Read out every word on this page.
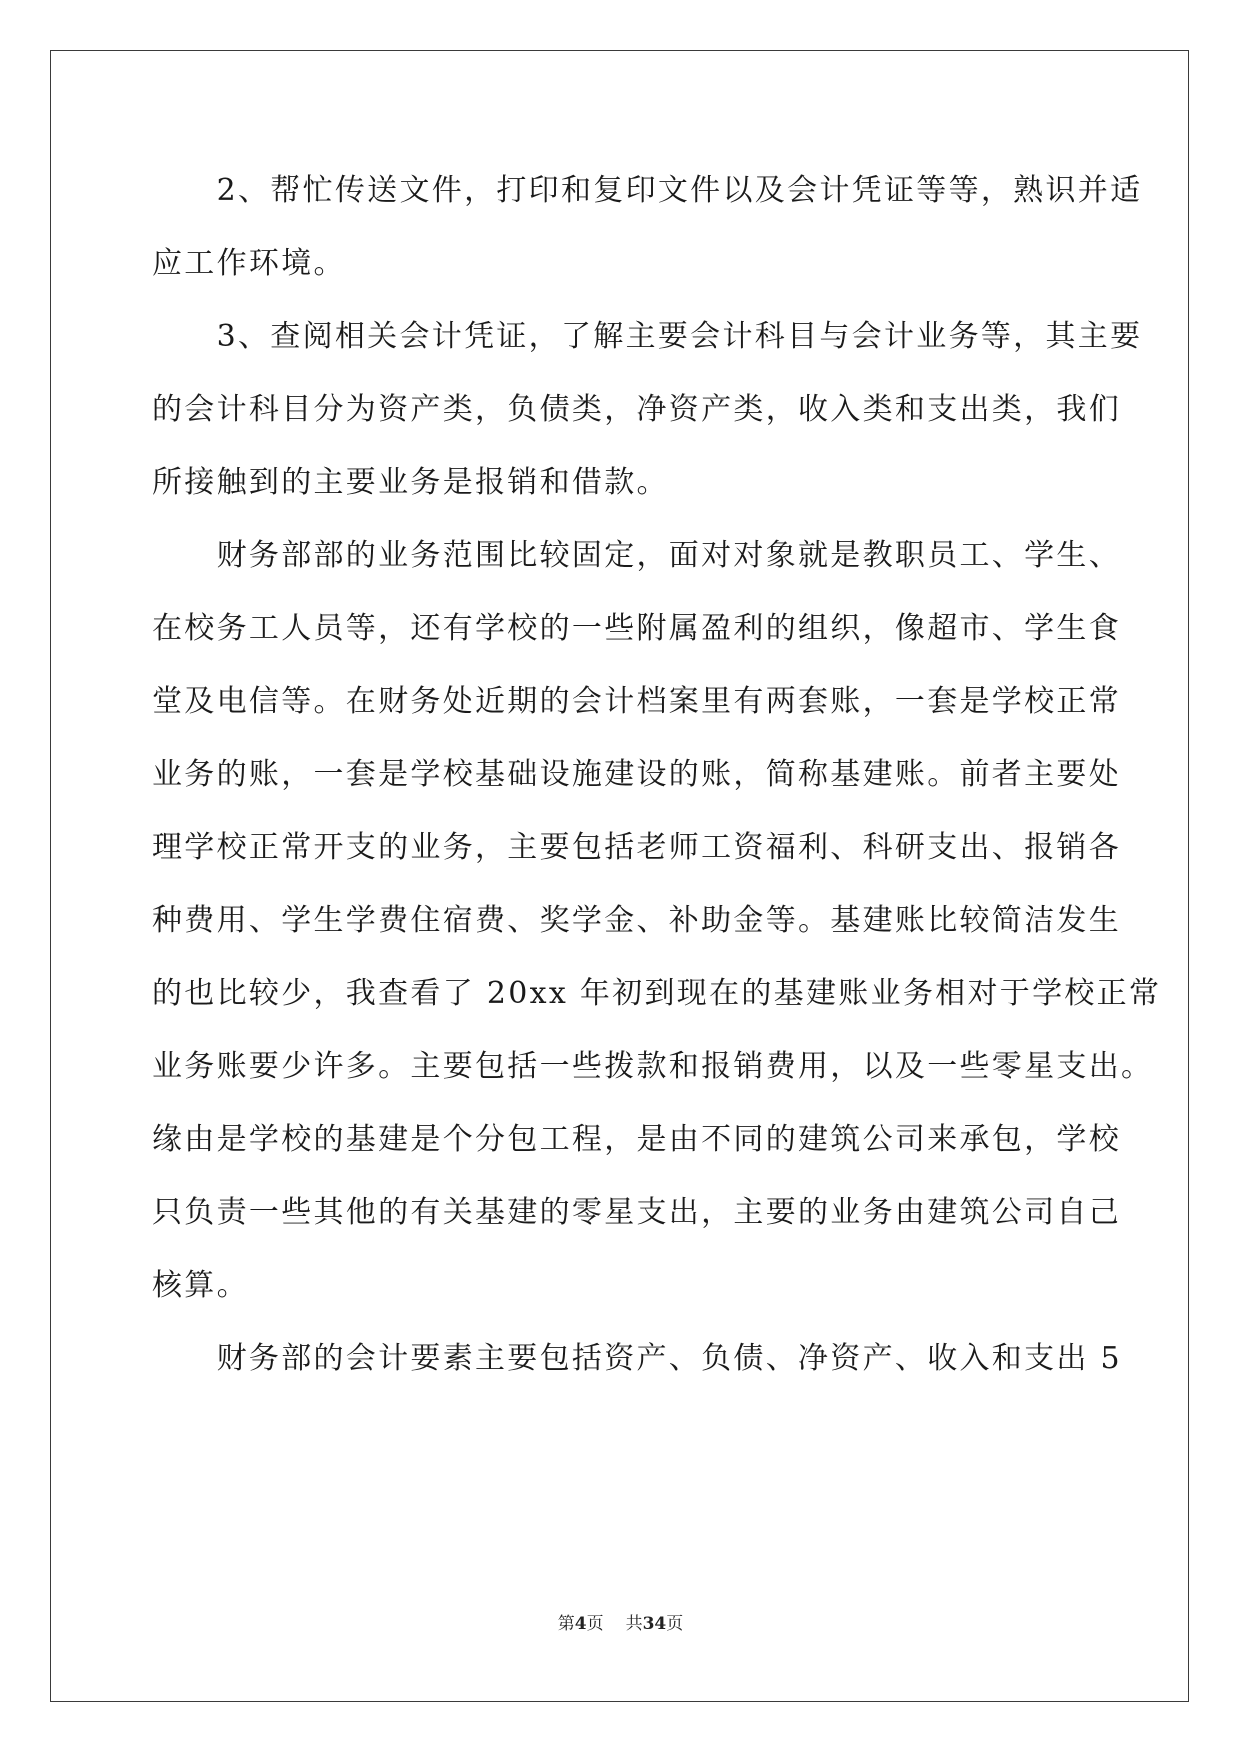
　　2、帮忙传送文件，打印和复印文件以及会计凭证等等，熟识并适
应工作环境。
　　3、查阅相关会计凭证，了解主要会计科目与会计业务等，其主要
的会计科目分为资产类，负债类，净资产类，收入类和支出类，我们
所接触到的主要业务是报销和借款。
　　财务部部的业务范围比较固定，面对对象就是教职员工、学生、
在校务工人员等，还有学校的一些附属盈利的组织，像超市、学生食
堂及电信等。在财务处近期的会计档案里有两套账，一套是学校正常
业务的账，一套是学校基础设施建设的账，简称基建账。前者主要处
理学校正常开支的业务，主要包括老师工资福利、科研支出、报销各
种费用、学生学费住宿费、奖学金、补助金等。基建账比较简洁发生
的也比较少，我查看了 20xx 年初到现在的基建账业务相对于学校正常
业务账要少许多。主要包括一些拨款和报销费用，以及一些零星支出。
缘由是学校的基建是个分包工程，是由不同的建筑公司来承包，学校
只负责一些其他的有关基建的零星支出，主要的业务由建筑公司自己
核算。
　　财务部的会计要素主要包括资产、负债、净资产、收入和支出 5
第4页 共34页
